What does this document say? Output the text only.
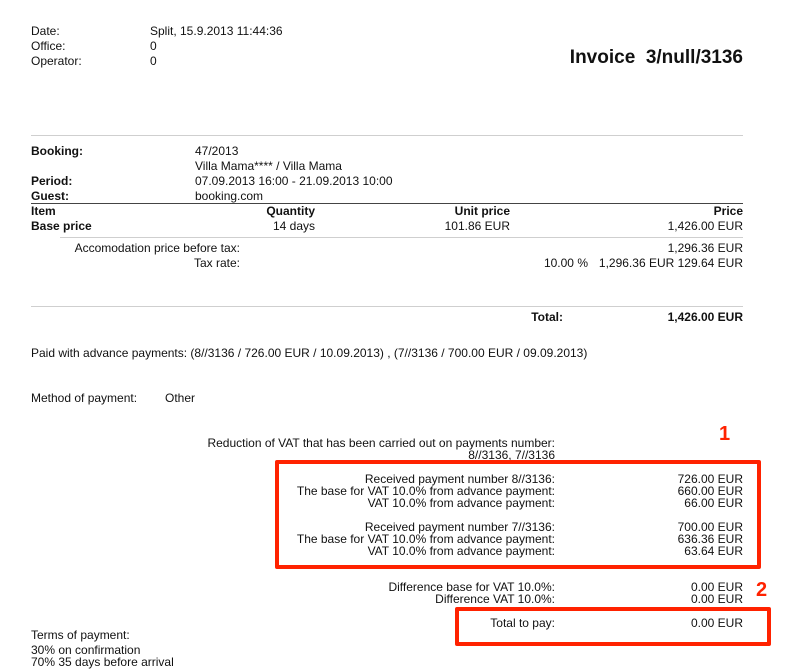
Date:	Split, 15.9.2013 11:44:36
Office:	0
Operator:	0	Invoice  3/null/3136
Booking:	47/2013
Villa Mama**** / Villa Mama
Period:	07.09.2013 16:00 - 21.09.2013 10:00
Guest:	booking.com
Item	Quantity	Unit price	Price
Base price	14 days	101.86 EUR	1,426.00 EUR
Accomodation price before tax:	1,296.36 EUR
Tax rate:	10.00 % 1,296.36 EUR 129.64 EUR
Total:	1,426.00 EUR
Paid with advance payments: (8//3136 / 726.00 EUR / 10.09.2013) , (7//3136 / 700.00 EUR / 09.09.2013)
Method of payment: Other
Reduction of VAT that has been carried out on payments number:
8//3136, 7//3136
Received payment number 8//3136:	726.00 EUR
The base for VAT 10.0% from advance payment:	660.00 EUR
VAT 10.0% from advance payment:	66.00 EUR
Received payment number 7//3136:	700.00 EUR
The base for VAT 10.0% from advance payment:	636.36 EUR
VAT 10.0% from advance payment:	63.64 EUR
Difference base for VAT 10.0%:	0.00 EUR
Difference VAT 10.0%:	0.00 EUR
Total to pay:	0.00 EUR
Terms of payment:
30% on confirmation
70% 35 days before arrival
1
2
